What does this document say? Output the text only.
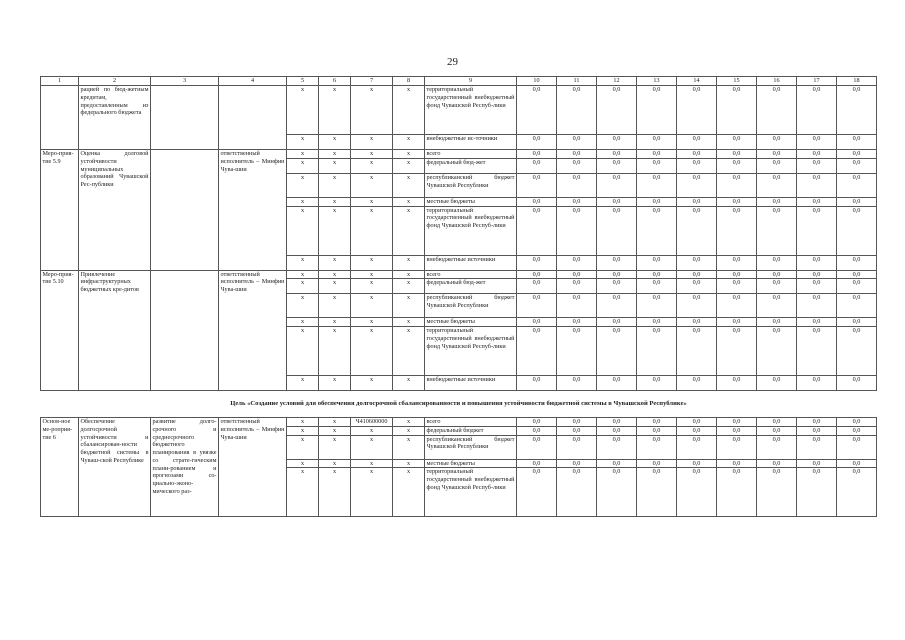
29
1	2	3	4	5	6	7	8	9	10	11	12	13	14	15	16	17	18
	рацией по бюд-жетным кредитам, предоставленным из федерального бюджета			х	х	х	х	территориальный государственный внебюджетный фонд Чувашской Респуб-лики	0,0	0,0	0,0	0,0	0,0	0,0	0,0	0,0	0,0
				х	х	х	х	внебюджетные ис-точники	0,0	0,0	0,0	0,0	0,0	0,0	0,0	0,0	0,0
Меро-прия-тие 5.9	Оценка долговой устойчивости муниципальных образований Чувашской Рес-публики		ответственный исполнитель – Минфин Чува-шии	х	х	х	х	всего	0,0	0,0	0,0	0,0	0,0	0,0	0,0	0,0	0,0
				х	х	х	х	федеральный бюд-жет	0,0	0,0	0,0	0,0	0,0	0,0	0,0	0,0	0,0
				х	х	х	х	республиканский бюджет Чувашской Республики	0,0	0,0	0,0	0,0	0,0	0,0	0,0	0,0	0,0
				х	х	х	х	местные бюджеты	0,0	0,0	0,0	0,0	0,0	0,0	0,0	0,0	0,0
				х	х	х	х	территориальный государственный внебюджетный фонд Чувашской Респуб-лики	0,0	0,0	0,0	0,0	0,0	0,0	0,0	0,0	0,0
				х	х	х	х	внебюджетные источники	0,0	0,0	0,0	0,0	0,0	0,0	0,0	0,0	0,0
Меро-прия-тие 5.10	Привлечение инфраструктурных бюджетных кре-дитов		ответственный исполнитель – Минфин Чува-шии	х	х	х	х	всего	0,0	0,0	0,0	0,0	0,0	0,0	0,0	0,0	0,0
				х	х	х	х	федеральный бюд-жет	0,0	0,0	0,0	0,0	0,0	0,0	0,0	0,0	0,0
				х	х	х	х	республиканский бюджет Чувашской Республики	0,0	0,0	0,0	0,0	0,0	0,0	0,0	0,0	0,0
				х	х	х	х	местные бюджеты	0,0	0,0	0,0	0,0	0,0	0,0	0,0	0,0	0,0
				х	х	х	х	территориальный государственный внебюджетный фонд Чувашской Респуб-лики	0,0	0,0	0,0	0,0	0,0	0,0	0,0	0,0	0,0
				х	х	х	х	внебюджетные источники	0,0	0,0	0,0	0,0	0,0	0,0	0,0	0,0	0,0
Цель «Создание условий для обеспечения долгосрочной сбалансированности и повышения устойчивости бюджетной системы в Чувашской Республике»																	
Основ-ное ме-роприя-тие 6	Обеспечение долгосрочной устойчивости и сбалансирован-ности бюджетной системы в Чуваш-ской Республике	развитие долго-срочного и среднесрочного бюджетного планирования в увязке со страте-гическим плани-рованием и прогнозами со-циально-эконо-мического раз-	ответственный исполнитель – Минфин Чува-шии	х	х	Ч410600000	х	всего	0,0	0,0	0,0	0,0	0,0	0,0	0,0	0,0	0,0
				х	х	х	х	федеральный бюджет	0,0	0,0	0,0	0,0	0,0	0,0	0,0	0,0	0,0
				х	х	х	х	республиканский бюджет Чувашской Республики	0,0	0,0	0,0	0,0	0,0	0,0	0,0	0,0	0,0
				х	х	х	х	местные бюджеты	0,0	0,0	0,0	0,0	0,0	0,0	0,0	0,0	0,0
				х	х	х	х	территориальный государственный внебюджетный фонд Чувашской Респуб-лики	0,0	0,0	0,0	0,0	0,0	0,0	0,0	0,0	0,0
